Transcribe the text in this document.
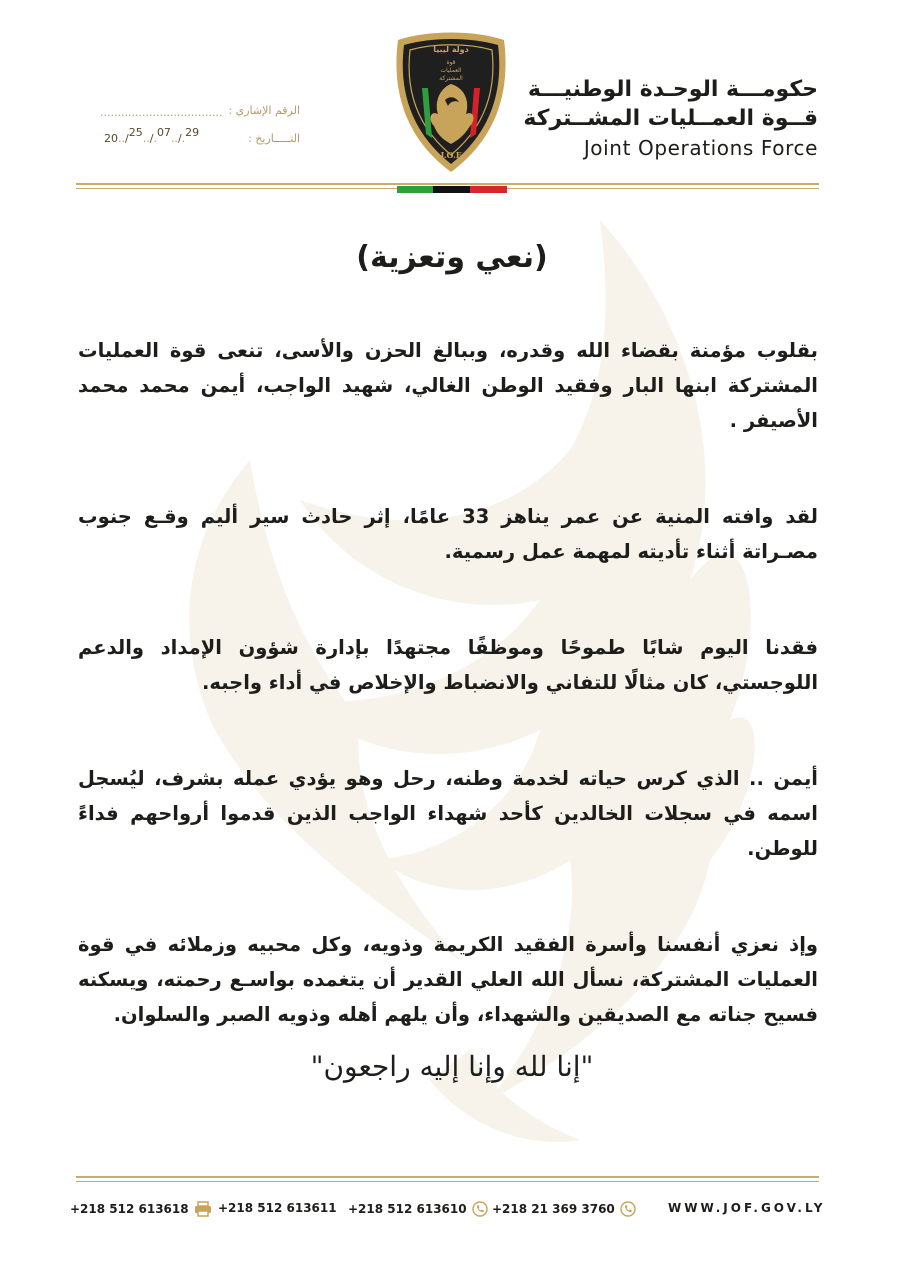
حكومـــة الوحـدة الوطنيـــة
قــوة العمــليات المشــتركة
Joint Operations Force
دولة ليبيا
قوة
العمليات
المشتركة
J.O.F
الرقم الإشاري :
...................................
التـــــاريخ :
20../25../.07../.29
(نعي وتعزية)

بقلوب مؤمنة بقضاء الله وقدره، وببالغ الحزن والأسى، تنعى قوة العمليات المشتركة ابنها البار وفقيد الوطن الغالي، شهيد الواجب، أيمن محمد محمد الأصيفر .

لقد وافته المنية عن عمر يناهز 33 عامًا، إثر حادث سير أليم وقـع جنوب مصـراتة أثناء تأديته لمهمة عمل رسمية.

فقدنا اليوم شابًا طموحًا وموظفًا مجتهدًا بإدارة شؤون الإمداد والدعم اللوجستي، كان مثالًا للتفاني والانضباط والإخلاص في أداء واجبه.

أيمن .. الذي كرس حياته لخدمة وطنه، رحل وهو يؤدي عمله بشرف، ليُسجل اسمه في سجلات الخالدين كأحد شهداء الواجب الذين قدموا أرواحهم فداءً للوطن.

وإذ نعزي أنفسنا وأسرة الفقيد الكريمة وذويه، وكل محبيه وزملائه في قوة العمليات المشتركة، نسأل الله العلي القدير أن يتغمده بواسـع رحمته، ويسكنه فسيح جناته مع الصديقين والشهداء، وأن يلهم أهله وذويه الصبر والسلوان.

"إنا لله وإنا إليه راجعون"
+218 512 613618 +218 512 613611 +218 512 613610 +218 21 369 3760	WWW.JOF.GOV.LY
